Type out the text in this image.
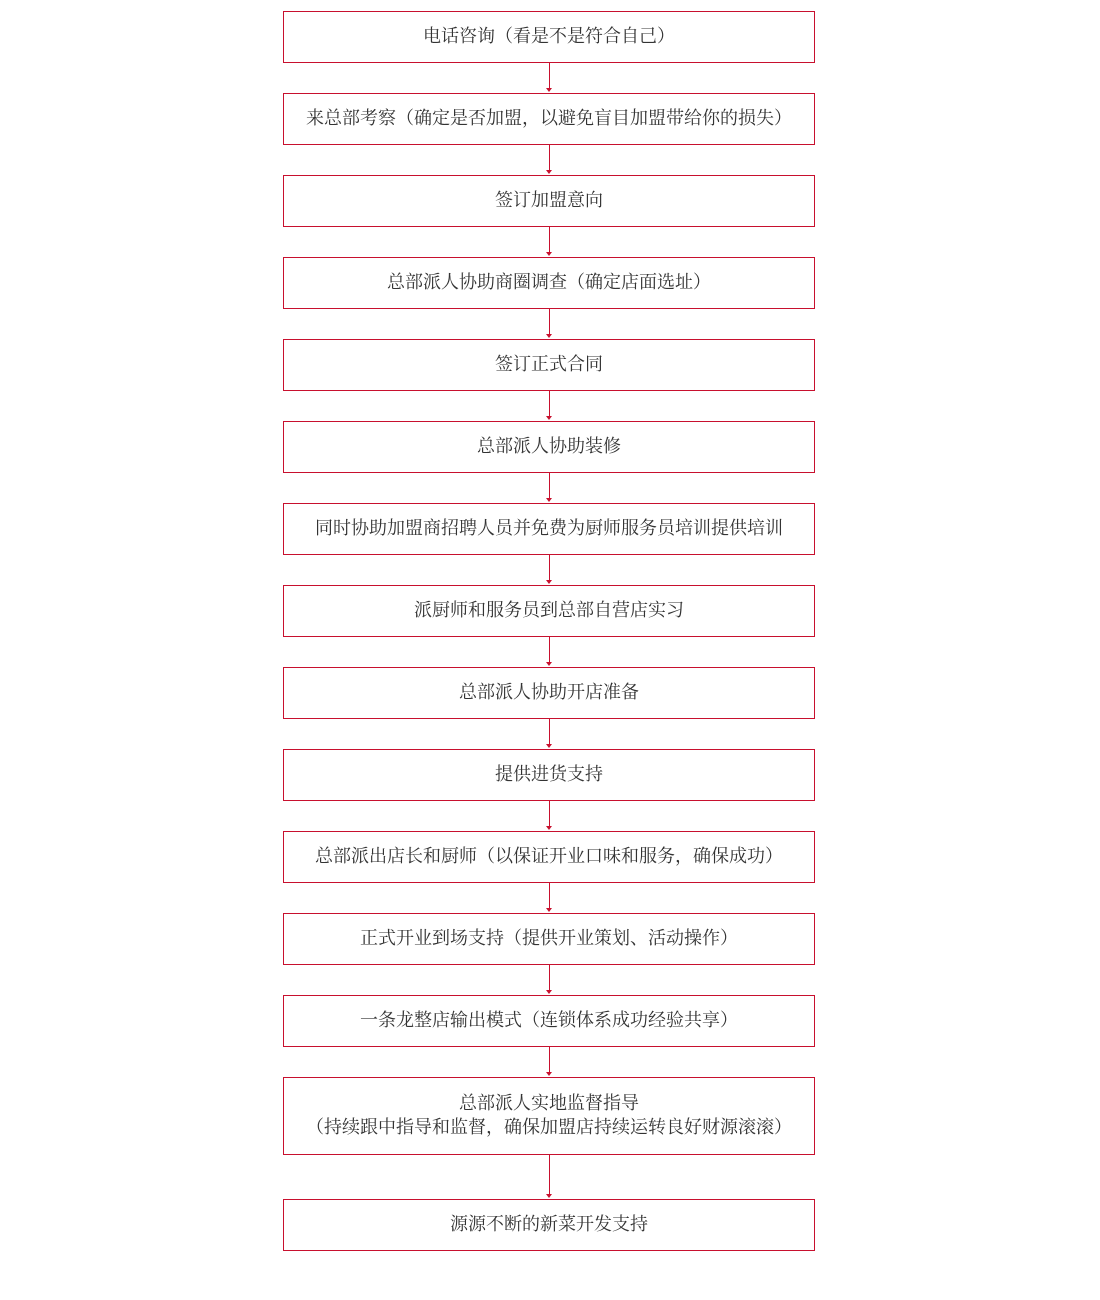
电话咨询（看是不是符合自己）
来总部考察（确定是否加盟，以避免盲目加盟带给你的损失）
签订加盟意向
总部派人协助商圈调查（确定店面选址）
签订正式合同
总部派人协助装修
同时协助加盟商招聘人员并免费为厨师服务员培训提供培训
派厨师和服务员到总部自营店实习
总部派人协助开店准备
提供进货支持
总部派出店长和厨师（以保证开业口味和服务，确保成功）
正式开业到场支持（提供开业策划、活动操作）
一条龙整店输出模式（连锁体系成功经验共享）
总部派人实地监督指导
（持续跟中指导和监督，确保加盟店持续运转良好财源滚滚）
源源不断的新菜开发支持
